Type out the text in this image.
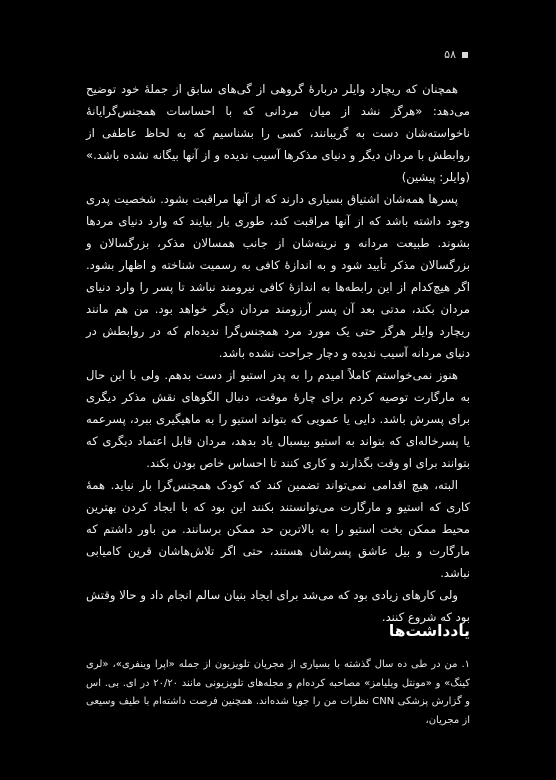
۵۸

همچنان که ریچارد وایلر دربارهٔ گروهی از گی‌های سابق از جملهٔ خود توضیح می‌دهد: «هرگز نشد از میان مردانی که با احساسات همجنس‌گرایانهٔ ناخواسته‌شان دست به گریبانند، کسی را بشناسیم که به لحاظ عاطفی از روابطش با مردان دیگر و دنیای مذکرها آسیب ندیده و از آنها بیگانه نشده باشد.» (وایلر: پیشین)

پسرها همه‌شان اشتیاق بسیاری دارند که از آنها مراقبت بشود. شخصیت پدری وجود داشته باشد که از آنها مراقبت کند، طوری بار بیایند که وارد دنیای مردها بشوند. طبیعت مردانه و نرینه‌شان از جانب همسالان مذکر، بزرگسالان و بزرگسالان مذکر تأیید شود و به اندازهٔ کافی به رسمیت شناخته و اظهار بشود. اگر هیچ‌کدام از این رابطه‌ها به اندازهٔ کافی نیرومند نباشد تا پسر را وارد دنیای مردان بکند، مدتی بعد آن پسر آرزومند مردان دیگر خواهد بود. من هم مانند ریچارد وایلر هرگز حتی یک مورد مرد همجنس‌گرا ندیده‌ام که در روابطش در دنیای مردانه آسیب ندیده و دچار جراحت نشده باشد.

هنوز نمی‌خواستم کاملاً امیدم را به پدر استیو از دست بدهم. ولی با این حال به مارگارت توصیه کردم برای چارهٔ موقت، دنبال الگوهای نقش مذکر دیگری برای پسرش باشد. دایی یا عمویی که بتواند استیو را به ماهیگیری ببرد، پسرعمه یا پسرخاله‌ای که بتواند به استیو بیسبال یاد بدهد، مردان قابل اعتماد دیگری که بتوانند برای او وقت بگذارند و کاری کنند تا احساس خاص بودن بکند.

البته، هیچ اقدامی نمی‌تواند تضمین کند که کودک همجنس‌گرا بار نیاید. همهٔ کاری که استیو و مارگارت می‌توانستند بکنند این بود که با ایجاد کردن بهترین محیط ممکن بخت استیو را به بالاترین حد ممکن برسانند. من باور داشتم که مارگارت و بیل عاشق پسرشان هستند، حتی اگر تلاش‌هاشان قرین کامیابی نباشد.

ولی کارهای زیادی بود که می‌شد برای ایجاد بنیان سالم انجام داد و حالا وقتش بود که شروع کنند.

یادداشت‌ها

۱. من در طی ده سال گذشته با بسیاری از مجریان تلویزیون از جمله «اپرا وینفری»، «لری کینگ» و «مونتل ویلیامز» مصاحبه کرده‌ام و مجله‌های تلویزیونی مانند ۲۰/۲۰ در ای. بی. اس و گزارش پزشکی CNN نظرات من را جویا شده‌اند. همچنین فرصت داشته‌ام با طیف وسیعی از مجریان،
